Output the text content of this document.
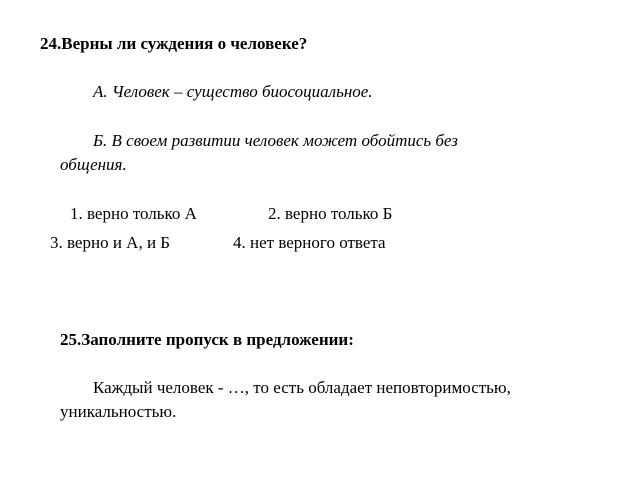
24.Верны ли суждения о человеке?
А. Человек – существо биосоциальное.
Б. В своем развитии человек может обойтись без
общения.
1. верно только А	2. верно только Б
3. верно и А, и Б	4. нет верного ответа
25.Заполните пропуск в предложении:
Каждый человек - …, то есть обладает неповторимостью,
уникальностью.
